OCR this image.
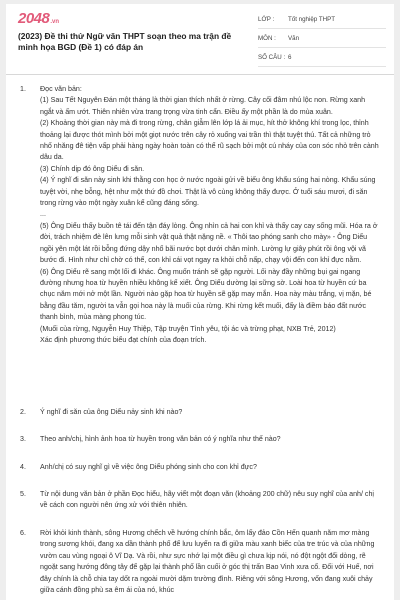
2048 .vn
(2023) Đề thi thử Ngữ văn THPT soạn theo ma trận đề minh họa BGD (Đề 1) có đáp án
LỚP :	Tốt nghiệp THPT
MÔN :	Văn
SỐ CÂU : 6
1.	Đọc văn bản:

(1) Sau Tết Nguyên Đán một tháng là thời gian thích nhất ở rừng. Cây cối đâm nhú lộc non. Rừng xanh ngắt và ấm ướt. Thiên nhiên vừa trang trọng vừa tinh cẩn. Điều ấy một phần là do mùa xuân.

(2) Khoảng thời gian này mà đi trong rừng, chân giẫm lên lớp lá ải mục, hít thở không khí trong lọc, thỉnh thoảng lại được thót mình bởi một giọt nước trên cây rỏ xuống vai trần thì thật tuyệt thú. Tất cả những trò nhố nhăng đê tiện vấp phải hàng ngày hoàn toàn có thể rũ sạch bởi một cú nháy của con sóc nhỏ trên cành dâu da.

(3) Chính dịp đó ông Diểu đi săn.

(4) Ý nghĩ đi săn này sinh khi thằng con học ở nước ngoài gửi về biếu ông khẩu súng hai nòng. Khẩu súng tuyệt vời, nhẹ bỗng, hệt như một thứ đồ chơi. Thật là vô cùng không thấy được. Ở tuổi sáu mươi, đi săn trong rừng vào một ngày xuân kể cũng đáng sống.

...

(5) Ông Diểu thấy buồn tê tái đến tận đáy lòng. Ông nhìn cả hai con khỉ và thấy cay cay sống mũi. Hóa ra ở đời, trách nhiệm đè lên lưng mỗi sinh vật quả thật nặng nề. « Thôi tao phóng sanh cho mày» - Ông Diểu ngồi yên một lát rồi bỗng đứng dậy nhổ bãi nước bọt dưới chân mình. Lường lự giây phút rồi ông vội vã bước đi. Hình như chỉ chờ có thế, con khỉ cái vọt ngay ra khỏi chỗ nấp, chạy vội đến con khỉ đực nằm.

(6) Ông Diểu rẽ sang một lối đi khác. Ông muốn tránh sẽ gặp người. Lối này đầy những bụi gai ngang đường nhưng hoa từ huyền nhiều không kể xiết. Ông Diểu dường lại sững sờ. Loài hoa từ huyền cứ ba chục năm mới nở một lần. Người nào gặp hoa từ huyền sẽ gặp may mắn. Hoa này màu trắng, vị mặn, bé bằng đầu tăm, người ta vẫn gọi hoa này là muối của rừng. Khi rừng kết muối, đấy là điềm báo đất nước thanh bình, mùa màng phong túc.

(Muối của rừng, Nguyễn Huy Thiệp, Tập truyện Tình yêu, tội ác và trừng phạt, NXB Trẻ, 2012)

Xác định phương thức biểu đạt chính của đoạn trích.

2.	Ý nghĩ đi săn của ông Diểu nảy sinh khi nào?

3.	Theo anh/chị, hình ảnh hoa từ huyền trong văn bản có ý nghĩa như thế nào?

4.	Anh/chị có suy nghĩ gì về việc ông Diểu phóng sinh cho con khỉ đực?

5.	Từ nội dung văn bản ở phần Đọc hiểu, hãy viết một đoạn văn (khoảng 200 chữ) nêu suy nghĩ của anh/ chị về cách con người nên ứng xử với thiên nhiên.

6.	Rời khỏi kinh thành, sông Hương chếch về hướng chính bắc, ôm lấy đảo Cồn Hến quanh năm mơ màng trong sương khói, đang xa dần thành phố để lưu luyến ra đi giữa màu xanh biếc của tre trúc và của những vườn cau vùng ngoại ô Vĩ Dạ. Và rồi, như sực nhớ lại một điều gì chưa kịp nói, nó đột ngột đổi dòng, rẽ ngoặt sang hướng đông tây để gặp lại thành phố lần cuối ở góc thị trấn Bao Vinh xưa cổ. Đối với Huế, nơi đây chính là chỗ chia tay dốt ra ngoài mười dặm trường đình. Riêng với sông Hương, vốn đang xuôi chảy giữa cánh đồng phù sa êm ái của nó, khúc
